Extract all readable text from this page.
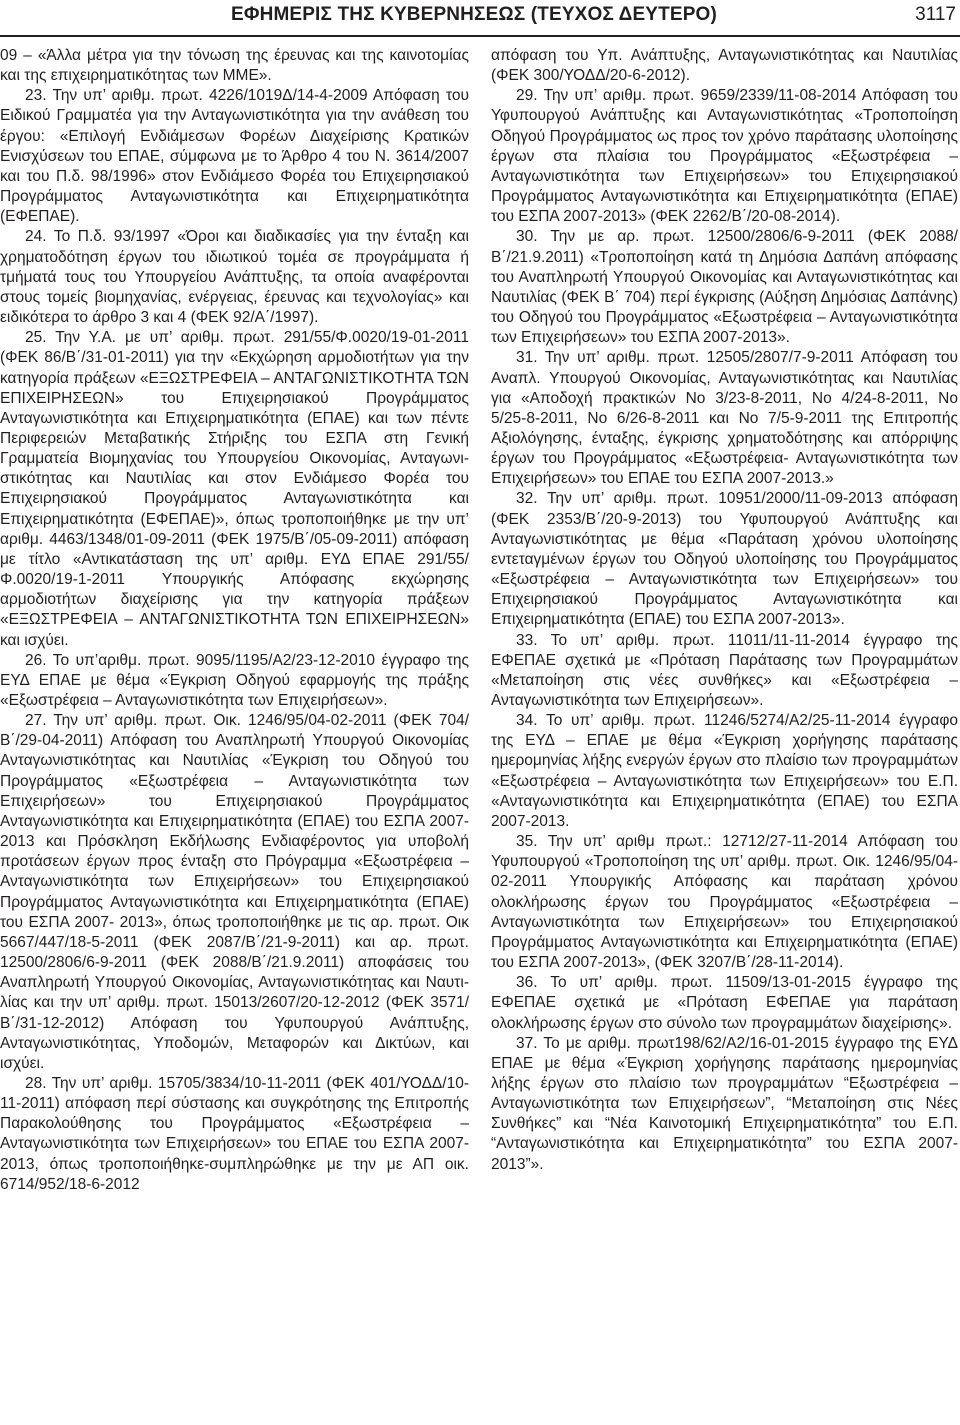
ΕΦΗΜΕΡΙΣ ΤΗΣ ΚΥΒΕΡΝΗΣΕΩΣ (ΤΕΥΧΟΣ ΔΕΥΤΕΡΟ)	3117

09 – «Άλλα μέτρα για την τόνωση της έρευνας και της καινοτομίας και της επιχειρηματικότητας των ΜΜΕ».

23. Την υπ’ αριθμ. πρωτ. 4226/1019Δ/14-4-2009 Απόφαση του Ειδικού Γραμματέα για την Ανταγωνιστικότητα για την ανάθεση του έργου: «Επιλογή Ενδιάμεσων Φορέων Διαχείρισης Κρατικών Ενισχύσεων του ΕΠΑΕ, σύμφωνα με το Άρθρο 4 του Ν. 3614/2007 και του Π.δ. 98/1996» στον Ενδιάμεσο Φορέα του Επιχειρησιακού Προγράμματος Ανταγωνιστικότητα και Επιχειρηματικότητα (ΕΦΕΠΑΕ).

24. Το Π.δ. 93/1997 «Όροι και διαδικασίες για την ένταξη και χρηματοδότηση έργων του ιδιωτικού τομέα σε προγράμματα ή τμήματά τους του Υπουργείου Ανάπτυξης, τα οποία αναφέρονται στους τομείς βιομηχανίας, ενέργειας, έρευνας και τεχνολογίας» και ειδικότερα το άρθρο 3 και 4 (ΦΕΚ 92/Α΄/1997).

25. Την Υ.Α. με υπ’ αριθμ. πρωτ. 291/55/Φ.0020/19-01-2011 (ΦΕΚ 86/Β΄/31-01-2011) για την «Εκχώρηση αρμοδιοτήτων για την κατηγορία πράξεων «ΕΞΩΣΤΡΕΦΕΙΑ – ΑΝΤΑΓΩΝΙΣΤΙΚΟΤΗΤΑ ΤΩΝ ΕΠΙΧΕΙΡΗΣΕΩΝ» του Επιχειρησιακού Προγράμματος Ανταγωνιστικότητα και Επιχειρηματικότητα (ΕΠΑΕ) και των πέντε Περιφερειών Μεταβατικής Στήριξης του ΕΣΠΑ στη Γενική Γραμματεία Βιομηχανίας του Υπουργείου Οικονομίας, Ανταγωνιστικότητας και Ναυτιλίας και στον Ενδιάμεσο Φορέα του Επιχειρησιακού Προγράμματος Ανταγωνιστικότητα και Επιχειρηματικότητα (ΕΦΕΠΑΕ)», όπως τροποποιήθηκε με την υπ’ αριθμ. 4463/1348/01-09-2011 (ΦΕΚ 1975/Β΄/05-09-2011) απόφαση με τίτλο «Αντικατάσταση της υπ’ αριθμ. ΕΥΔ ΕΠΑΕ 291/55/Φ.0020/19-1-2011 Υπουργικής Απόφασης εκχώρησης αρμοδιοτήτων διαχείρισης για την κατηγορία πράξεων «ΕΞΩΣΤΡΕΦΕΙΑ – ΑΝΤΑΓΩΝΙΣΤΙΚΟΤΗΤΑ ΤΩΝ ΕΠΙΧΕΙΡΗΣΕΩΝ» και ισχύει.

26. Το υπ’αριθμ. πρωτ. 9095/1195/Α2/23-12-2010 έγγραφο της ΕΥΔ ΕΠΑΕ με θέμα «Έγκριση Οδηγού εφαρμογής της πράξης «Εξωστρέφεια – Ανταγωνιστικότητα των Επιχειρήσεων».

27. Την υπ’ αριθμ. πρωτ. Οικ. 1246/95/04-02-2011 (ΦΕΚ 704/Β΄/29-04-2011) Απόφαση του Αναπληρωτή Υπουργού Οικονομίας Ανταγωνιστικότητας και Ναυτιλίας «Έγκριση του Οδηγού του Προγράμματος «Εξωστρέφεια – Ανταγωνιστικότητα των Επιχειρήσεων» του Επιχειρησιακού Προγράμματος Ανταγωνιστικότητα και Επιχειρηματικότητα (ΕΠΑΕ) του ΕΣΠΑ 2007-2013 και Πρόσκληση Εκδήλωσης Ενδιαφέροντος για υποβολή προτάσεων έργων προς ένταξη στο Πρόγραμμα «Εξωστρέφεια – Ανταγωνιστικότητα των Επιχειρήσεων» του Επιχειρησιακού Προγράμματος Ανταγωνιστικότητα και Επιχειρηματικότητα (ΕΠΑΕ) του ΕΣΠΑ 2007- 2013», όπως τροποποιήθηκε με τις αρ. πρωτ. Οικ 5667/447/18-5-2011 (ΦΕΚ 2087/Β΄/21-9-2011) και αρ. πρωτ. 12500/2806/6-9-2011 (ΦΕΚ 2088/Β΄/21.9.2011) αποφάσεις του Αναπληρωτή Υπουργού Οικονομίας, Ανταγωνιστικότητας και Ναυτιλίας και την υπ’ αριθμ. πρωτ. 15013/2607/20-12-2012 (ΦΕΚ 3571/Β΄/31-12-2012) Απόφαση του Υφυπουργού Ανάπτυξης, Ανταγωνιστικότητας, Υποδομών, Μεταφορών και Δικτύων, και ισχύει.

28. Την υπ’ αριθμ. 15705/3834/10-11-2011 (ΦΕΚ 401/ΥΟΔΔ/10-11-2011) απόφαση περί σύστασης και συγκρότησης της Επιτροπής Παρακολούθησης του Προγράμματος «Εξωστρέφεια – Ανταγωνιστικότητα των Επιχειρήσεων» του ΕΠΑΕ του ΕΣΠΑ 2007-2013, όπως τροποποιήθηκε-συμπληρώθηκε με την με ΑΠ οικ. 6714/952/18-6-2012

απόφαση του Υπ. Ανάπτυξης, Ανταγωνιστικότητας και Ναυτιλίας (ΦΕΚ 300/ΥΟΔΔ/20-6-2012).

29. Την υπ’ αριθμ. πρωτ. 9659/2339/11-08-2014 Απόφαση του Υφυπουργού Ανάπτυξης και Ανταγωνιστικότητας «Τροποποίηση Οδηγού Προγράμματος ως προς τον χρόνο παράτασης υλοποίησης έργων στα πλαίσια του Προγράμματος «Εξωστρέφεια – Ανταγωνιστικότητα των Επιχειρήσεων» του Επιχειρησιακού Προγράμματος Ανταγωνιστικότητα και Επιχειρηματικότητα (ΕΠΑΕ) του ΕΣΠΑ 2007-2013» (ΦΕΚ 2262/Β΄/20-08-2014).

30. Την με αρ. πρωτ. 12500/2806/6-9-2011 (ΦΕΚ 2088/Β΄/21.9.2011) «Τροποποίηση κατά τη Δημόσια Δαπάνη απόφασης του Αναπληρωτή Υπουργού Οικονομίας και Ανταγωνιστικότητας και Ναυτιλίας (ΦΕΚ Β΄ 704) περί έγκρισης (Αύξηση Δημόσιας Δαπάνης) του Οδηγού του Προγράμματος «Εξωστρέφεια – Ανταγωνιστικότητα των Επιχειρήσεων» του ΕΣΠΑ 2007-2013».

31. Την υπ’ αριθμ. πρωτ. 12505/2807/7-9-2011 Απόφαση του Αναπλ. Υπουργού Οικονομίας, Ανταγωνιστικότητας και Ναυτιλίας για «Αποδοχή πρακτικών Νο 3/23-8-2011, Νο 4/24-8-2011, Νο 5/25-8-2011, Νο 6/26-8-2011 και Νο 7/5-9-2011 της Επιτροπής Αξιολόγησης, ένταξης, έγκρισης χρηματοδότησης και απόρριψης έργων του Προγράμματος «Εξωστρέφεια- Ανταγωνιστικότητα των Επιχειρήσεων» του ΕΠΑΕ του ΕΣΠΑ 2007-2013.»

32. Την υπ’ αριθμ. πρωτ. 10951/2000/11-09-2013 απόφαση (ΦΕΚ 2353/Β΄/20-9-2013) του Υφυπουργού Ανάπτυξης και Ανταγωνιστικότητας με θέμα «Παράταση χρόνου υλοποίησης εντεταγμένων έργων του Οδηγού υλοποίησης του Προγράμματος «Εξωστρέφεια – Ανταγωνιστικότητα των Επιχειρήσεων» του Επιχειρησιακού Προγράμματος Ανταγωνιστικότητα και Επιχειρηματικότητα (ΕΠΑΕ) του ΕΣΠΑ 2007-2013».

33. Το υπ’ αριθμ. πρωτ. 11011/11-11-2014 έγγραφο της ΕΦΕΠΑΕ σχετικά με «Πρόταση Παράτασης των Προγραμμάτων «Μεταποίηση στις νέες συνθήκες» και «Εξωστρέφεια – Ανταγωνιστικότητα των Επιχειρήσεων».

34. Το υπ’ αριθμ. πρωτ. 11246/5274/Α2/25-11-2014 έγγραφο της ΕΥΔ – ΕΠΑΕ με θέμα «Έγκριση χορήγησης παράτασης ημερομηνίας λήξης ενεργών έργων στο πλαίσιο των προγραμμάτων «Εξωστρέφεια – Ανταγωνιστικότητα των Επιχειρήσεων» του Ε.Π. «Ανταγωνιστικότητα και Επιχειρηματικότητα (ΕΠΑΕ) του ΕΣΠΑ 2007-2013.

35. Την υπ’ αριθμ πρωτ.: 12712/27-11-2014 Απόφαση του Υφυπουργού «Τροποποίηση της υπ’ αριθμ. πρωτ. Οικ. 1246/95/04-02-2011 Υπουργικής Απόφασης και παράταση χρόνου ολοκλήρωσης έργων του Προγράμματος «Εξωστρέφεια – Ανταγωνιστικότητα των Επιχειρήσεων» του Επιχειρησιακού Προγράμματος Ανταγωνιστικότητα και Επιχειρηματικότητα (ΕΠΑΕ) του ΕΣΠΑ 2007-2013», (ΦΕΚ 3207/Β΄/28-11-2014).

36. Το υπ’ αριθμ. πρωτ. 11509/13-01-2015 έγγραφο της ΕΦΕΠΑΕ σχετικά με «Πρόταση ΕΦΕΠΑΕ για παράταση ολοκλήρωσης έργων στο σύνολο των προγραμμάτων διαχείρισης».

37. Το με αριθμ. πρωτ198/62/Α2/16-01-2015 έγγραφο της ΕΥΔ ΕΠΑΕ με θέμα «Έγκριση χορήγησης παράτασης ημερομηνίας λήξης έργων στο πλαίσιο των προγραμμάτων “Εξωστρέφεια – Ανταγωνιστικότητα των Επιχειρήσεων”, “Μεταποίηση στις Νέες Συνθήκες” και “Νέα Καινοτομική Επιχειρηματικότητα” του Ε.Π. “Ανταγωνιστικότητα και Επιχειρηματικότητα” του ΕΣΠΑ 2007-2013”».
